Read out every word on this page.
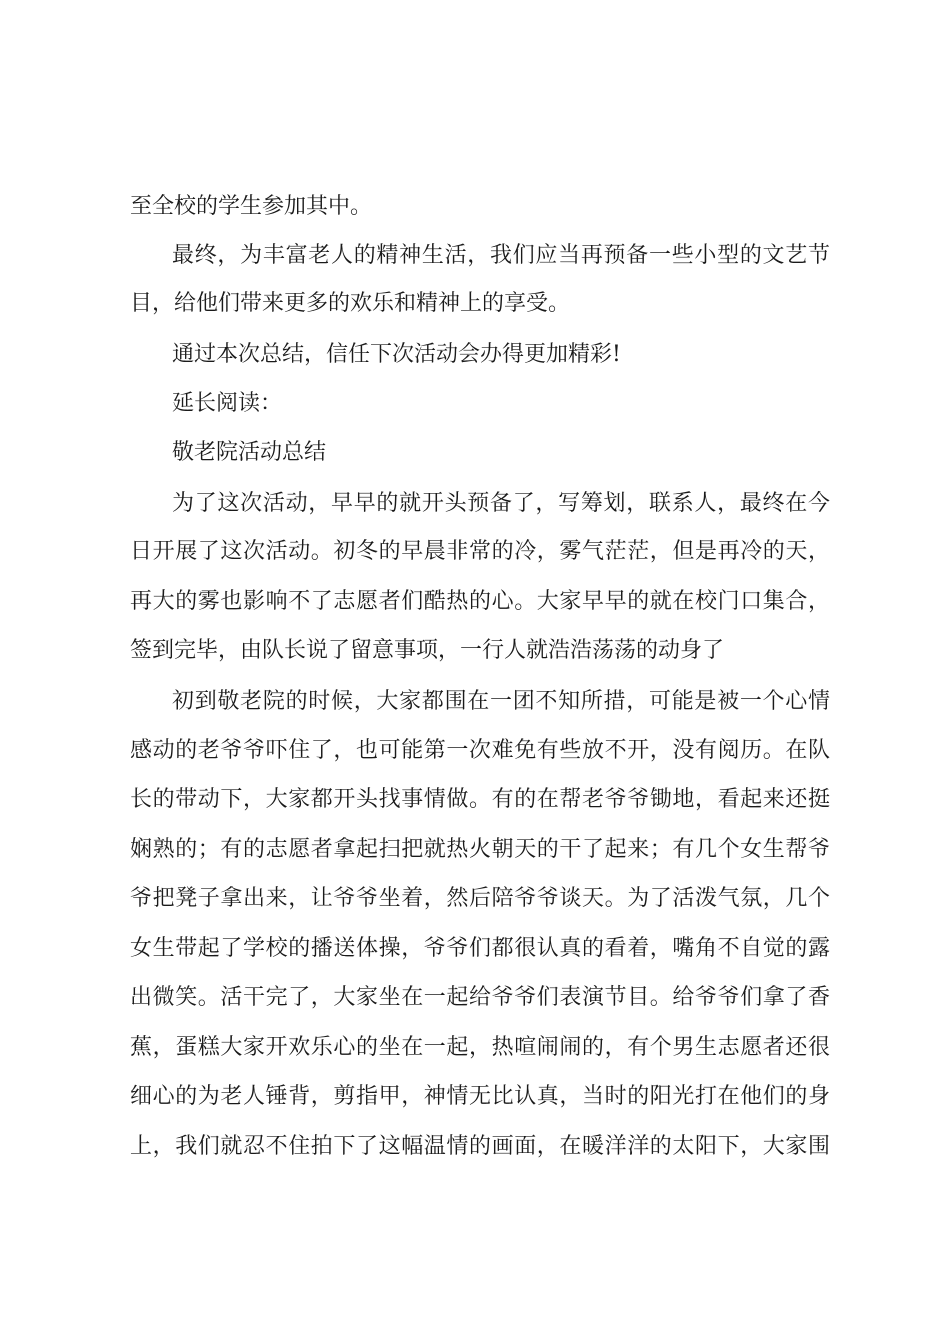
至全校的学生参加其中。
最终，为丰富老人的精神生活，我们应当再预备一些小型的文艺节
目，给他们带来更多的欢乐和精神上的享受。
通过本次总结，信任下次活动会办得更加精彩!
延长阅读：
敬老院活动总结
为了这次活动，早早的就开头预备了，写筹划，联系人，最终在今
日开展了这次活动。初冬的早晨非常的冷，雾气茫茫，但是再冷的天，
再大的雾也影响不了志愿者们酷热的心。大家早早的就在校门口集合，
签到完毕，由队长说了留意事项，一行人就浩浩荡荡的动身了
初到敬老院的时候，大家都围在一团不知所措，可能是被一个心情
感动的老爷爷吓住了，也可能第一次难免有些放不开，没有阅历。在队
长的带动下，大家都开头找事情做。有的在帮老爷爷锄地，看起来还挺
娴熟的；有的志愿者拿起扫把就热火朝天的干了起来；有几个女生帮爷
爷把凳子拿出来，让爷爷坐着，然后陪爷爷谈天。为了活泼气氛，几个
女生带起了学校的播送体操，爷爷们都很认真的看着，嘴角不自觉的露
出微笑。活干完了，大家坐在一起给爷爷们表演节目。给爷爷们拿了香
蕉，蛋糕大家开欢乐心的坐在一起，热喧闹闹的，有个男生志愿者还很
细心的为老人锤背，剪指甲，神情无比认真，当时的阳光打在他们的身
上，我们就忍不住拍下了这幅温情的画面，在暖洋洋的太阳下，大家围
